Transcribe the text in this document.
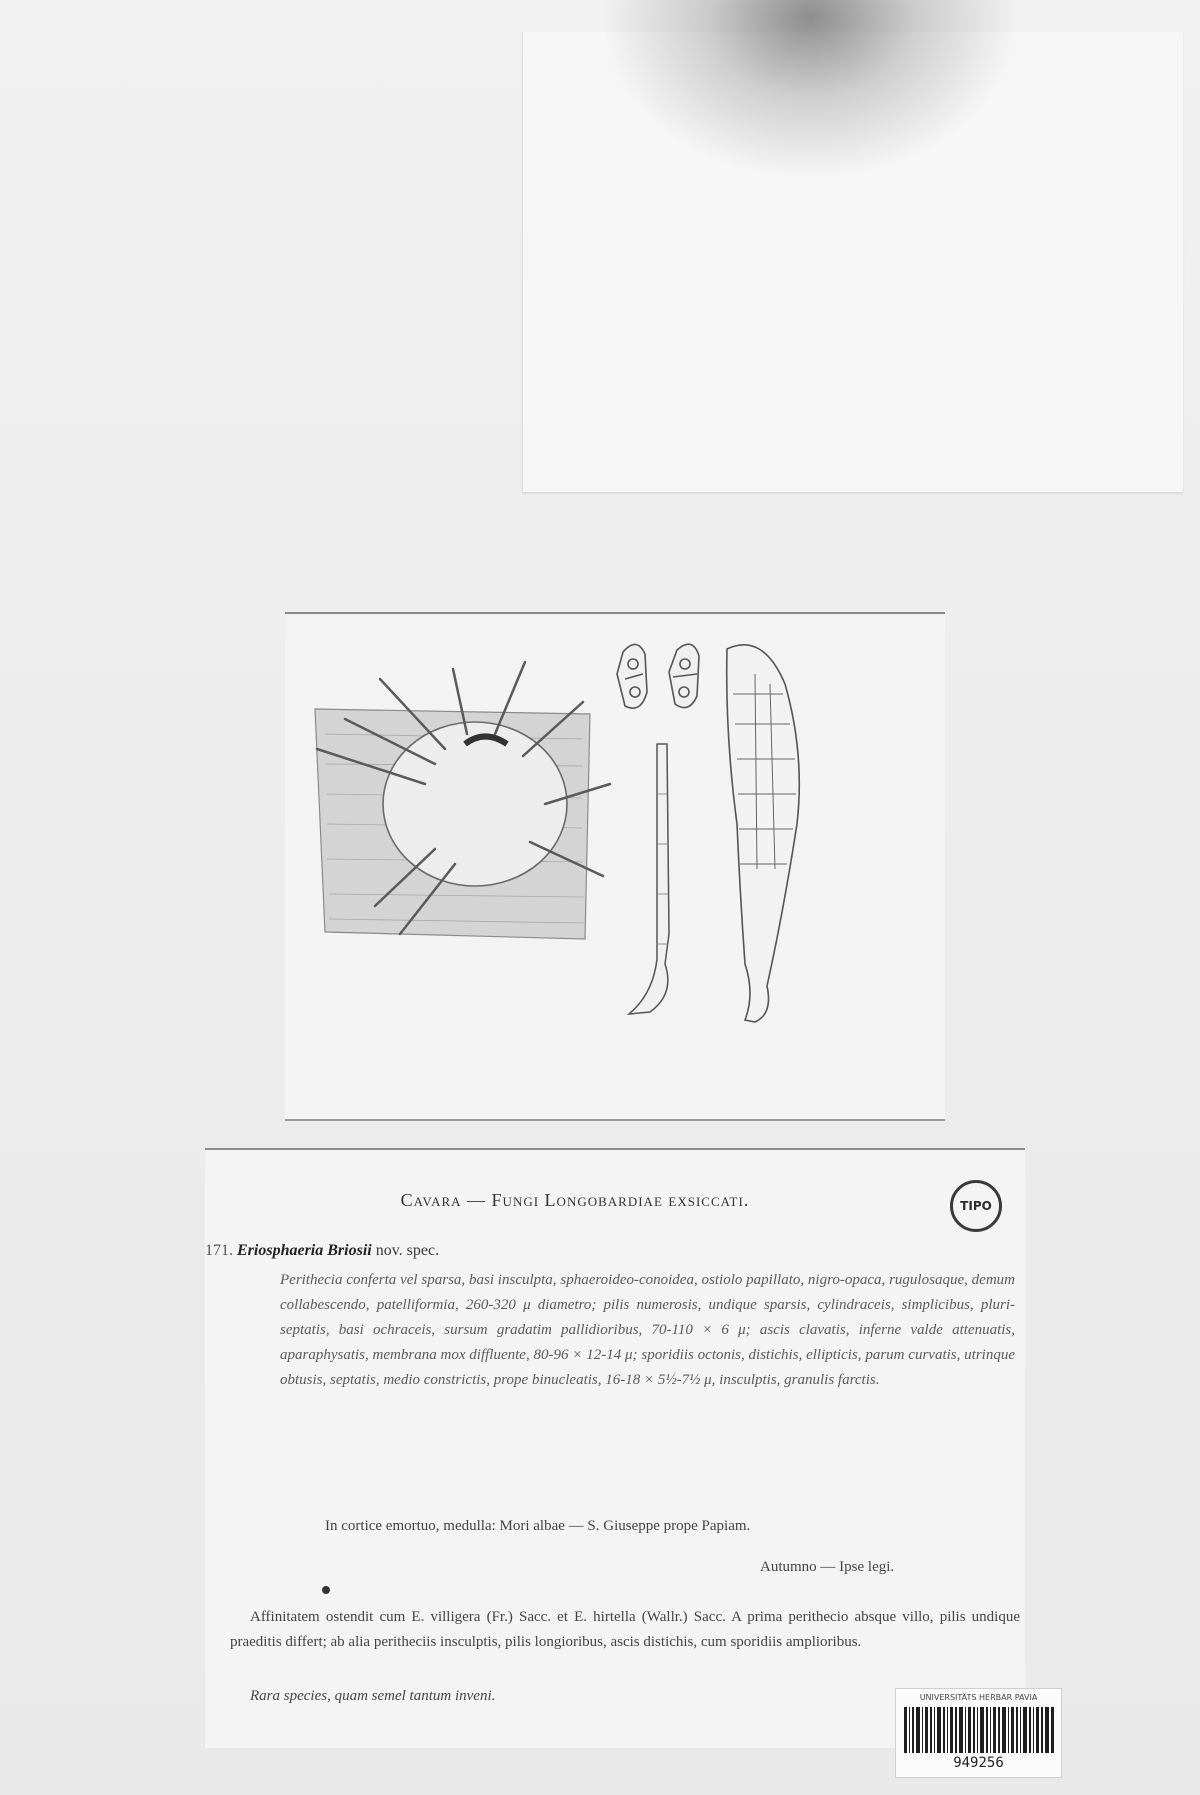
Cavara — Fungi Longobardiae exsiccati.	TIPO
171. Eriosphaeria Briosii nov. spec.
Perithecia conferta vel sparsa, basi insculpta, sphaeroideo-conoidea, ostiolo papillato, nigro-opaca, rugulosaque, demum collabescendo, patelliformia, 260-320 μ diametro; pilis numerosis, undique sparsis, cylindraceis, simplicibus, pluri-septatis, basi ochraceis, sursum gradatim pallidioribus, 70-110 × 6 μ; ascis clavatis, inferne valde attenuatis, aparaphysatis, membrana mox diffluente, 80-96 × 12-14 μ; sporidiis octonis, distichis, ellipticis, parum curvatis, utrinque obtusis, septatis, medio constrictis, prope binucleatis, 16-18 × 5½-7½ μ, insculptis, granulis farctis.
In cortice emortuo, medulla: Mori albae — S. Giuseppe prope Papiam.
Autumno — Ipse legi.
Affinitatem ostendit cum E. villigera (Fr.) Sacc. et E. hirtella (Wallr.) Sacc. A prima perithecio absque villo, pilis undique praeditis differt; ab alia peritheciis insculptis, pilis longioribus, ascis distichis, cum sporidiis amplioribus.
Rara species, quam semel tantum inveni.	UNIVERSITÄTS HERBAR PAVIA
949256
